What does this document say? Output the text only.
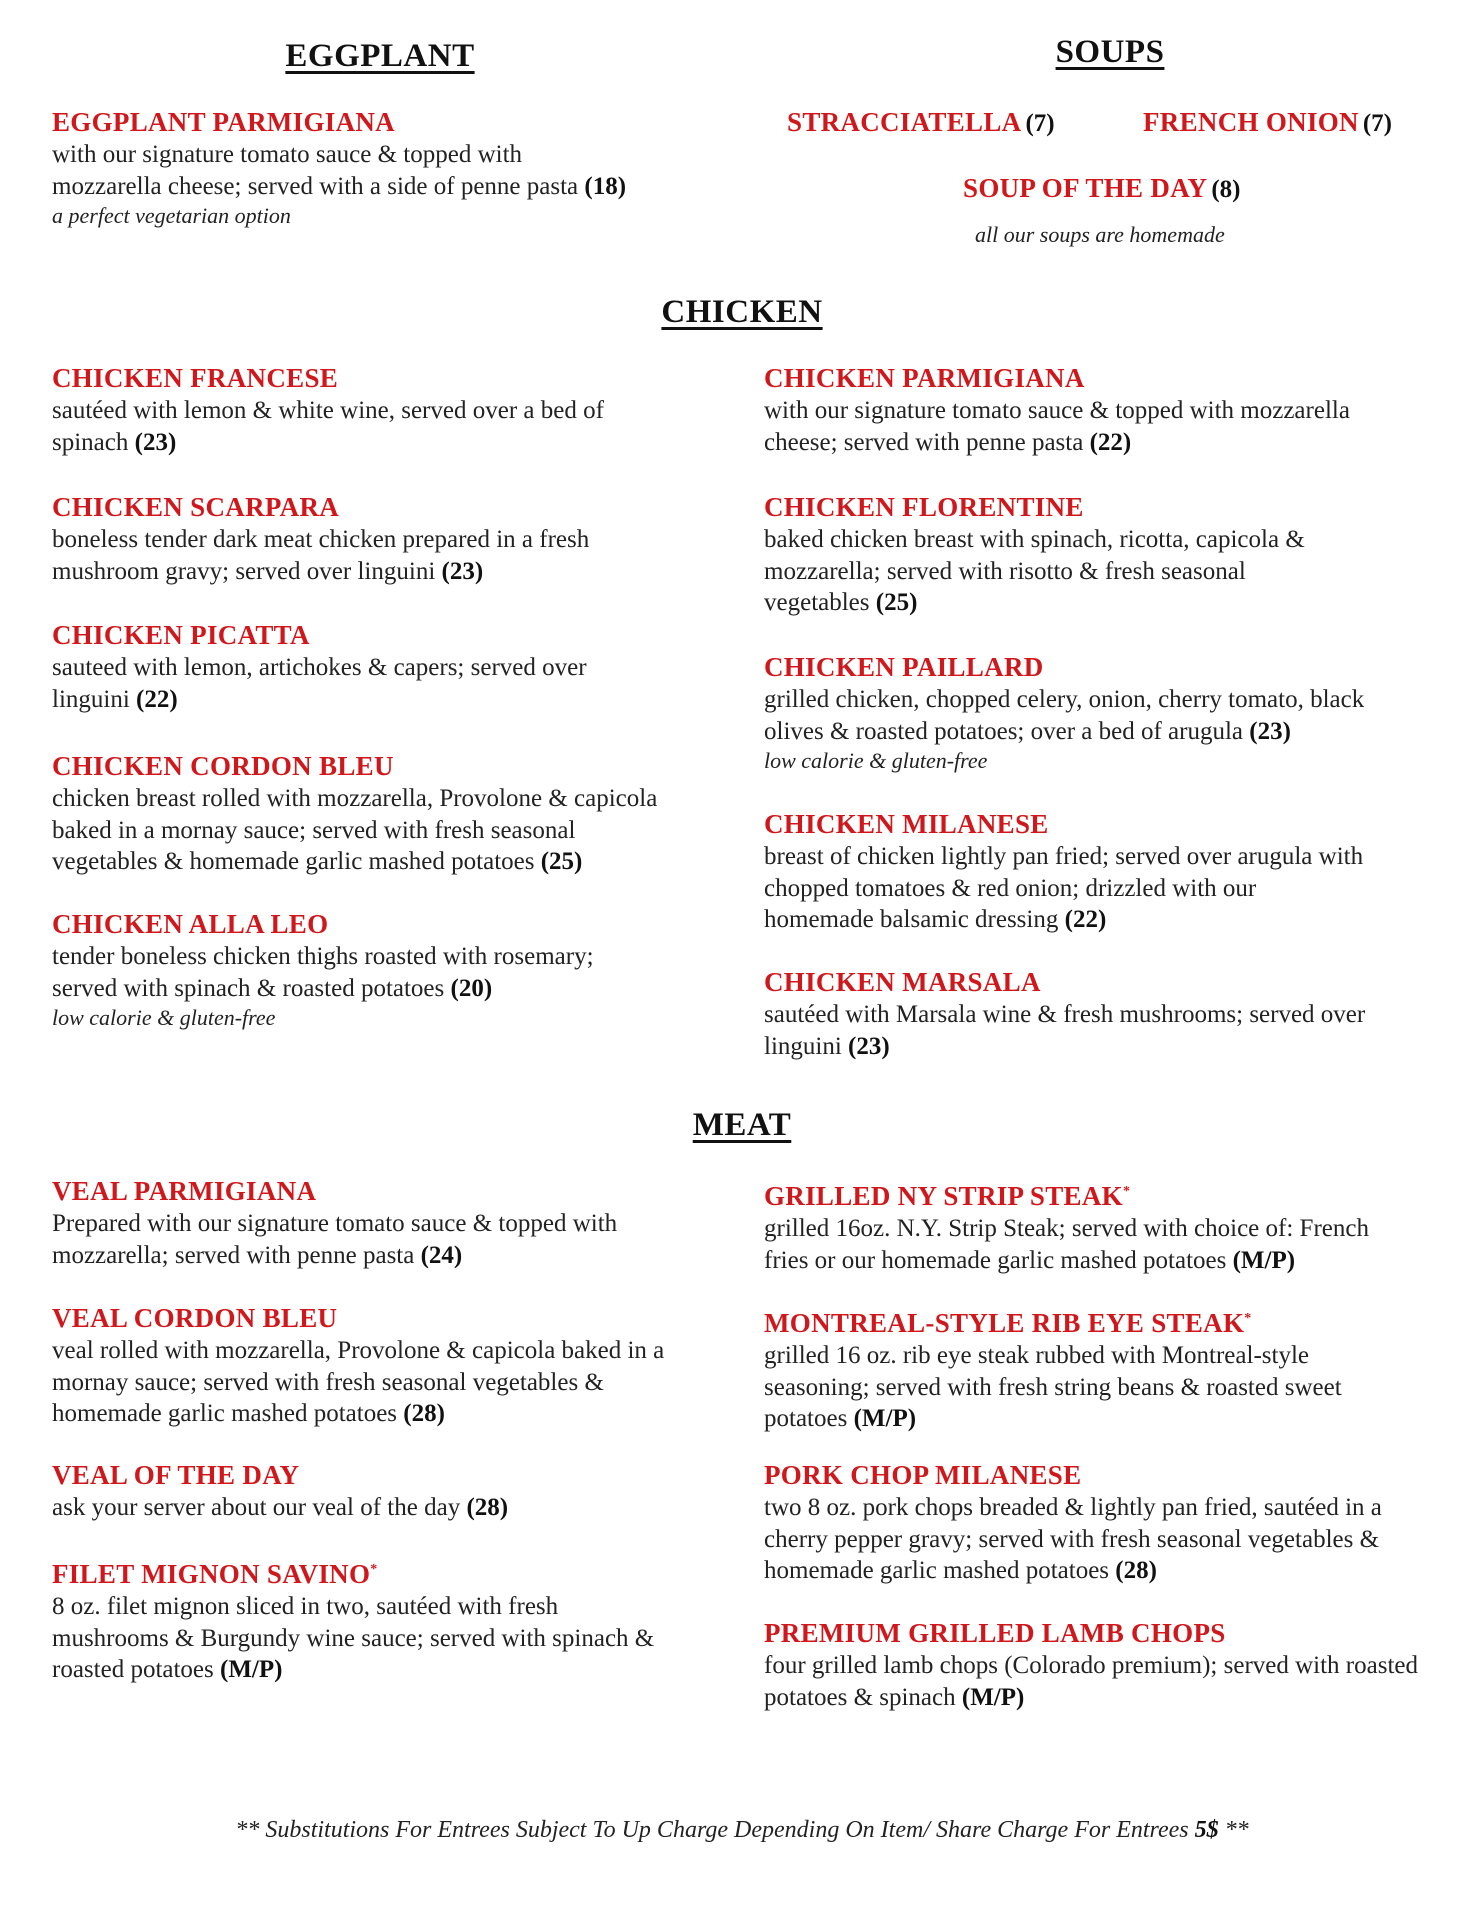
EGGPLANT
EGGPLANT PARMIGIANA
with our signature tomato sauce & topped with
mozzarella cheese; served with a side of penne pasta (18)
a perfect vegetarian option
SOUPS
STRACCIATELLA (7)	FRENCH ONION (7)
SOUP OF THE DAY (8)
all our soups are homemade
CHICKEN
CHICKEN FRANCESE
sautéed with lemon & white wine, served over a bed of
spinach (23)
CHICKEN SCARPARA
boneless tender dark meat chicken prepared in a fresh
mushroom gravy; served over linguini (23)
CHICKEN PICATTA
sauteed with lemon, artichokes & capers; served over
linguini (22)
CHICKEN CORDON BLEU
chicken breast rolled with mozzarella, Provolone & capicola
baked in a mornay sauce; served with fresh seasonal
vegetables & homemade garlic mashed potatoes (25)
CHICKEN ALLA LEO
tender boneless chicken thighs roasted with rosemary;
served with spinach & roasted potatoes (20)
low calorie & gluten-free
CHICKEN PARMIGIANA
with our signature tomato sauce & topped with mozzarella
cheese; served with penne pasta (22)
CHICKEN FLORENTINE
baked chicken breast with spinach, ricotta, capicola &
mozzarella; served with risotto & fresh seasonal
vegetables (25)
CHICKEN PAILLARD
grilled chicken, chopped celery, onion, cherry tomato, black
olives & roasted potatoes; over a bed of arugula (23)
low calorie & gluten-free
CHICKEN MILANESE
breast of chicken lightly pan fried; served over arugula with
chopped tomatoes & red onion; drizzled with our
homemade balsamic dressing (22)
CHICKEN MARSALA
sautéed with Marsala wine & fresh mushrooms; served over
linguini (23)
MEAT
VEAL PARMIGIANA
Prepared with our signature tomato sauce & topped with
mozzarella; served with penne pasta (24)
VEAL CORDON BLEU
veal rolled with mozzarella, Provolone & capicola baked in a
mornay sauce; served with fresh seasonal vegetables &
homemade garlic mashed potatoes (28)
VEAL OF THE DAY
ask your server about our veal of the day (28)
FILET MIGNON SAVINO*
8 oz. filet mignon sliced in two, sautéed with fresh
mushrooms & Burgundy wine sauce; served with spinach &
roasted potatoes (M/P)
GRILLED NY STRIP STEAK*
grilled 16oz. N.Y. Strip Steak; served with choice of: French
fries or our homemade garlic mashed potatoes (M/P)
MONTREAL-STYLE RIB EYE STEAK*
grilled 16 oz. rib eye steak rubbed with Montreal-style
seasoning; served with fresh string beans & roasted sweet
potatoes (M/P)
PORK CHOP MILANESE
two 8 oz. pork chops breaded & lightly pan fried, sautéed in a
cherry pepper gravy; served with fresh seasonal vegetables &
homemade garlic mashed potatoes (28)
PREMIUM GRILLED LAMB CHOPS
four grilled lamb chops (Colorado premium); served with roasted
potatoes & spinach (M/P)
** Substitutions For Entrees Subject To Up Charge Depending On Item/ Share Charge For Entrees 5$ **
